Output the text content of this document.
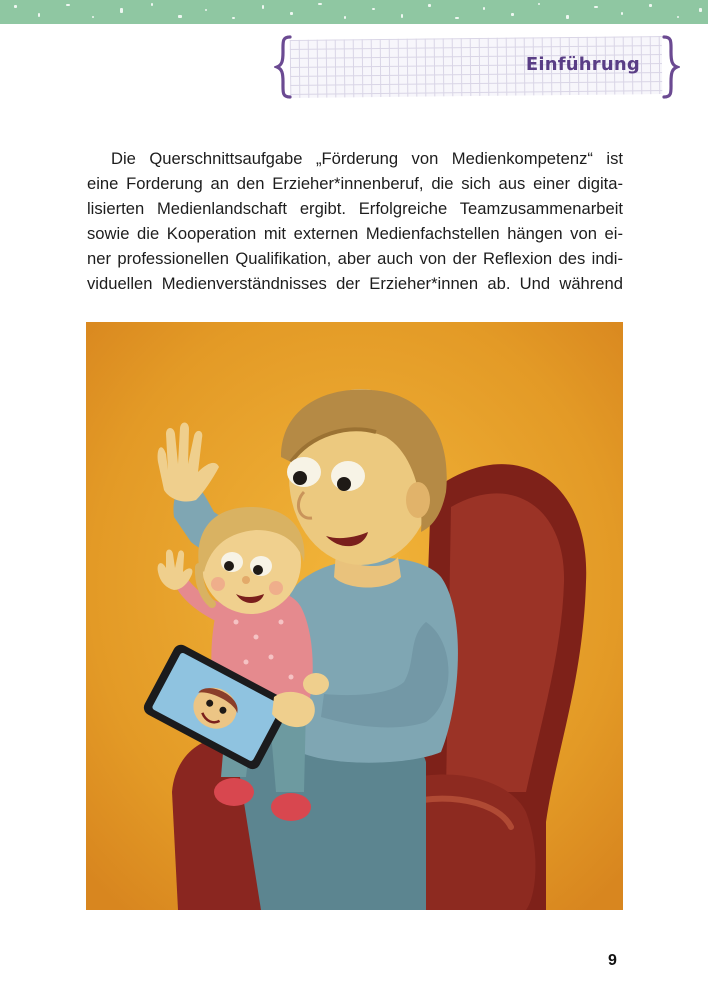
Einführung
Die Querschnittsaufgabe „Förderung von Medienkompetenz“ ist
eine Forderung an den Erzieher*innenberuf, die sich aus einer digita-
lisierten Medienlandschaft ergibt. Erfolgreiche Teamzusammenarbeit
sowie die Kooperation mit externen Medienfachstellen hängen von ei-
ner professionellen Qualifikation, aber auch von der Reflexion des indi-
viduellen Medienverständnisses der Erzieher*innen ab. Und während
9
